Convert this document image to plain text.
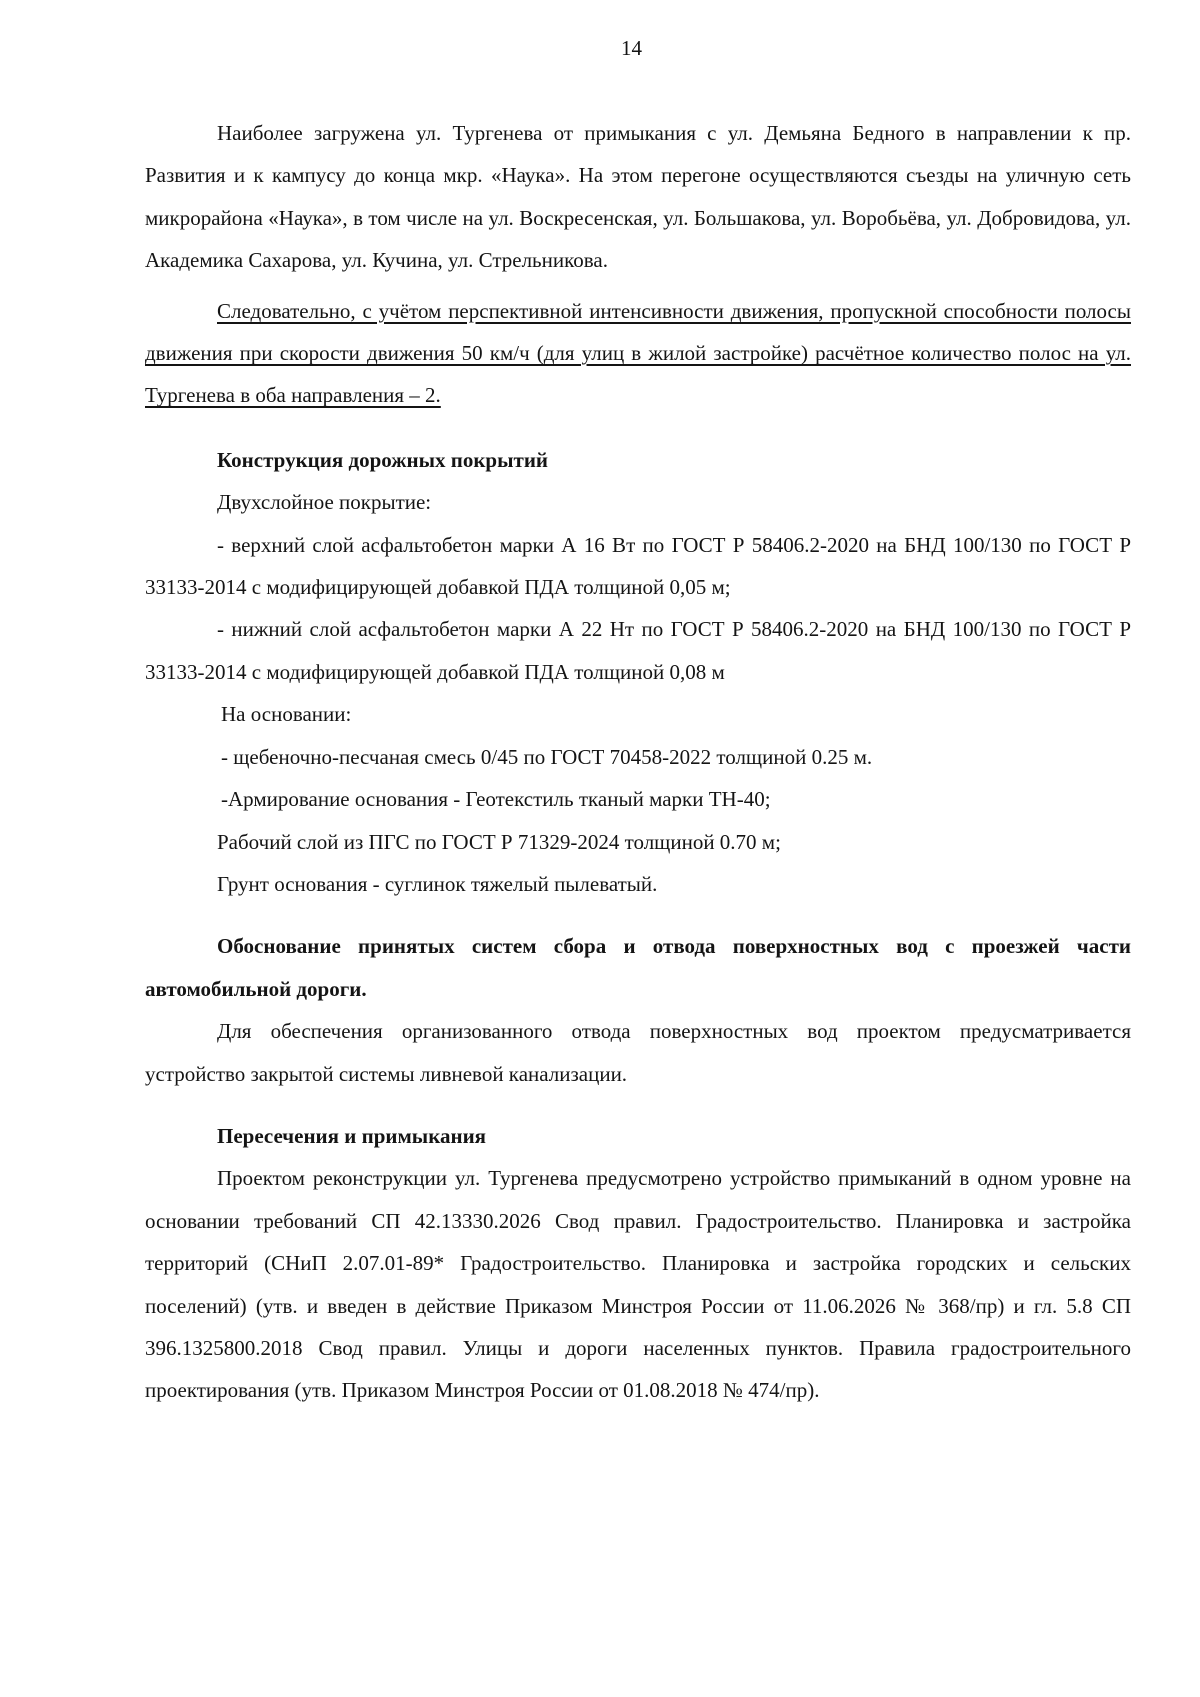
14

Наиболее загружена ул. Тургенева от примыкания с ул. Демьяна Бедного в направлении к пр. Развития и к кампусу до конца мкр. «Наука». На этом перегоне осуществляются съезды на уличную сеть микрорайона «Наука», в том числе на ул. Воскресенская, ул. Большакова, ул. Воробьёва, ул. Добровидова, ул. Академика Сахарова, ул. Кучина, ул. Стрельникова.

Следовательно, с учётом перспективной интенсивности движения, пропускной способности полосы движения при скорости движения 50 км/ч (для улиц в жилой застройке) расчётное количество полос на ул. Тургенева в оба направления – 2.

Конструкция дорожных покрытий

Двухслойное покрытие:

- верхний слой асфальтобетон марки А 16 Вт по ГОСТ Р 58406.2-2020 на БНД 100/130 по ГОСТ Р 33133-2014 с модифицирующей добавкой ПДА толщиной 0,05 м;

- нижний слой асфальтобетон марки А 22 Нт по ГОСТ Р 58406.2-2020 на БНД 100/130 по ГОСТ Р 33133-2014 с модифицирующей добавкой ПДА толщиной 0,08 м

На основании:

- щебеночно-песчаная смесь 0/45 по ГОСТ 70458-2022 толщиной 0.25 м.

-Армирование основания - Геотекстиль тканый марки ТН-40;

Рабочий слой из ПГС по ГОСТ Р 71329-2024 толщиной 0.70 м;

Грунт основания - суглинок тяжелый пылеватый.

Обоснование принятых систем сбора и отвода поверхностных вод с проезжей части автомобильной дороги.

Для обеспечения организованного отвода поверхностных вод проектом предусматривается устройство закрытой системы ливневой канализации.

Пересечения и примыкания

Проектом реконструкции ул. Тургенева предусмотрено устройство примыканий в одном уровне на основании требований СП 42.13330.2026 Свод правил. Градостроительство. Планировка и застройка территорий (СНиП 2.07.01-89* Градостроительство. Планировка и застройка городских и сельских поселений) (утв. и введен в действие Приказом Минстроя России от 11.06.2026 № 368/пр) и гл. 5.8 СП 396.1325800.2018 Свод правил. Улицы и дороги населенных пунктов. Правила градостроительного проектирования (утв. Приказом Минстроя России от 01.08.2018 № 474/пр).
